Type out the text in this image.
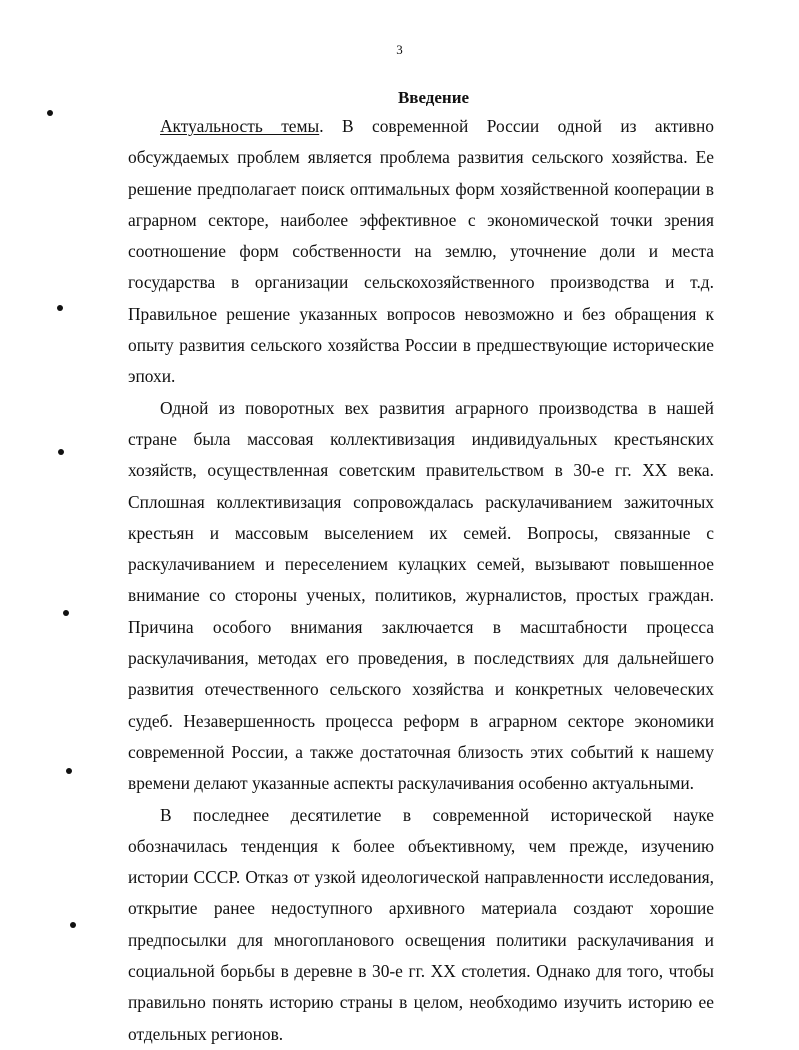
3
Введение

Актуальность темы. В современной России одной из активно обсуждаемых проблем является проблема развития сельского хозяйства. Ее решение предполагает поиск оптимальных форм хозяйственной кооперации в аграрном секторе, наиболее эффективное с экономической точки зрения соотношение форм собственности на землю, уточнение доли и места государства в организации сельскохозяйственного производства и т.д. Правильное решение указанных вопросов невозможно и без обращения к опыту развития сельского хозяйства России в предшествующие исторические эпохи.

Одной из поворотных вех развития аграрного производства в нашей стране была массовая коллективизация индивидуальных крестьянских хозяйств, осуществленная советским правительством в 30-е гг. XX века. Сплошная коллективизация сопровождалась раскулачиванием зажиточных крестьян и массовым выселением их семей. Вопросы, связанные с раскулачиванием и переселением кулацких семей, вызывают повышенное внимание со стороны ученых, политиков, журналистов, простых граждан. Причина особого внимания заключается в масштабности процесса раскулачивания, методах его проведения, в последствиях для дальнейшего развития отечественного сельского хозяйства и конкретных человеческих судеб. Незавершенность процесса реформ в аграрном секторе экономики современной России, а также достаточная близость этих событий к нашему времени делают указанные аспекты раскулачивания особенно актуальными.

В последнее десятилетие в современной исторической науке обозначилась тенденция к более объективному, чем прежде, изучению истории СССР. Отказ от узкой идеологической направленности исследования, открытие ранее недоступного архивного материала создают хорошие предпосылки для многопланового освещения политики раскулачивания и социальной борьбы в деревне в 30-е гг. XX столетия. Однако для того, чтобы правильно понять историю страны в целом, необходимо изучить историю ее отдельных регионов.
